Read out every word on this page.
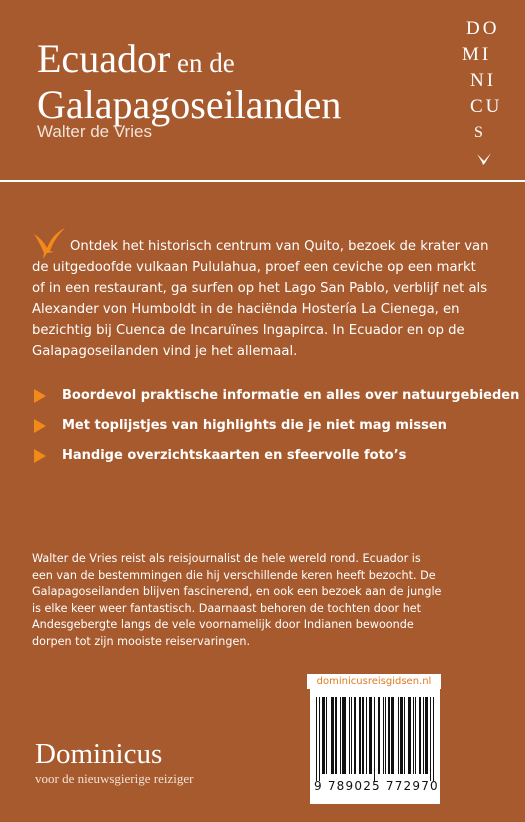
Ecuador en de
Galapagoseilanden
Walter de Vries
DO
MI
NI
CU
S

Ontdek het historisch centrum van Quito, bezoek de krater van de uitgedoofde vulkaan Pululahua, proef een ceviche op een markt of in een restaurant, ga surfen op het Lago San Pablo, verblijf net als Alexander von Humboldt in de haciënda Hostería La Cienega, en bezichtig bij Cuenca de Incaruïnes Ingapirca. In Ecuador en op de Galapagoseilanden vind je het allemaal.

Boordevol praktische informatie en alles over natuurgebieden
Met toplijstjes van highlights die je niet mag missen
Handige overzichtskaarten en sfeervolle foto’s

Walter de Vries reist als reisjournalist de hele wereld rond. Ecuador is een van de bestemmingen die hij verschillende keren heeft bezocht. De Galapagoseilanden blijven fascinerend, en ook een bezoek aan de jungle is elke keer weer fantastisch. Daarnaast behoren de tochten door het Andesgebergte langs de vele voornamelijk door Indianen bewoonde dorpen tot zijn mooiste reiservaringen.

Dominicus
voor de nieuwsgierige reiziger
dominicusreisgidsen.nl
9 789025 772970
